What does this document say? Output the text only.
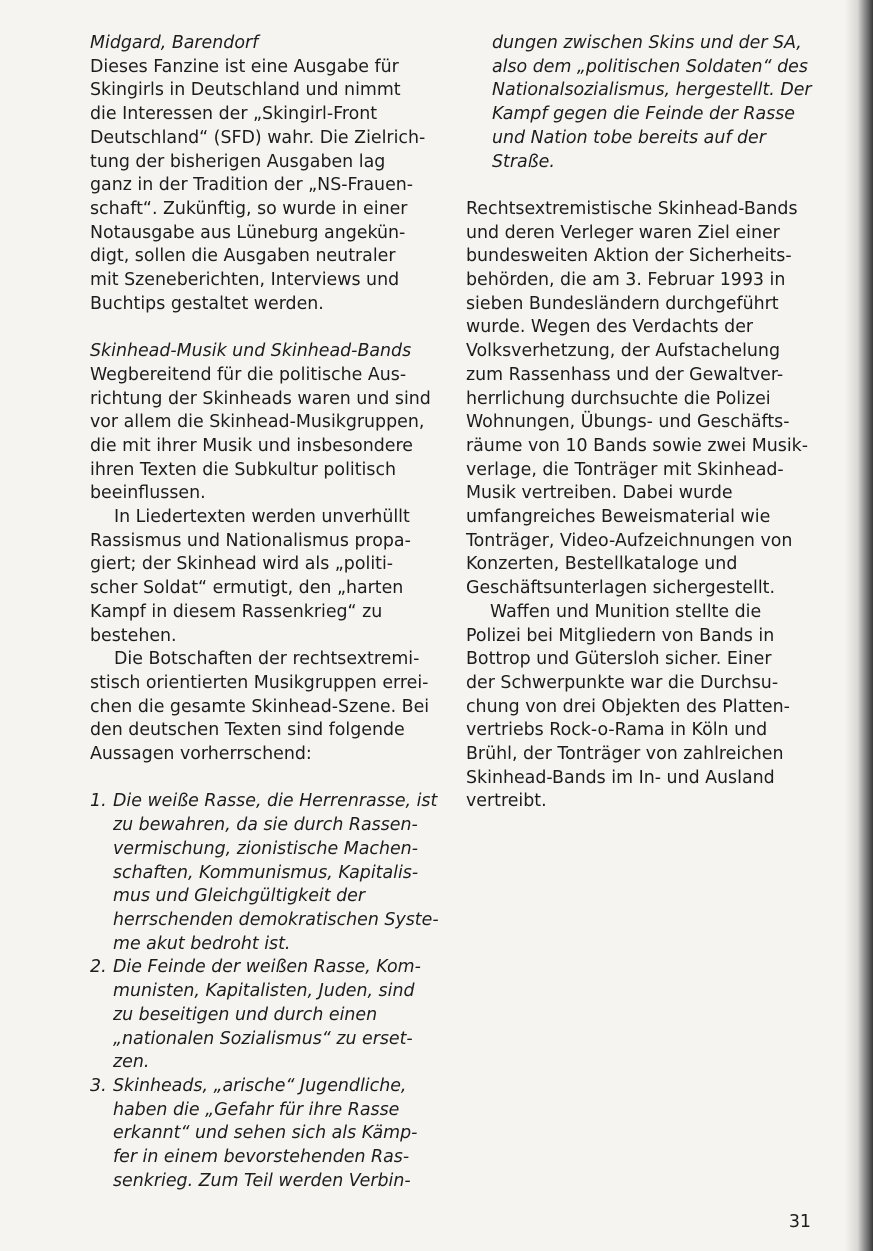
Midgard, Barendorf
Dieses Fanzine ist eine Ausgabe für
Skingirls in Deutschland und nimmt
die Interessen der „Skingirl-Front
Deutschland“ (SFD) wahr. Die Zielrich-
tung der bisherigen Ausgaben lag
ganz in der Tradition der „NS-Frauen-
schaft“. Zukünftig, so wurde in einer
Notausgabe aus Lüneburg angekün-
digt, sollen die Ausgaben neutraler
mit Szeneberichten, Interviews und
Buchtips gestaltet werden.
Skinhead-Musik und Skinhead-Bands
Wegbereitend für die politische Aus-
richtung der Skinheads waren und sind
vor allem die Skinhead-Musikgruppen,
die mit ihrer Musik und insbesondere
ihren Texten die Subkultur politisch
beeinflussen.
In Liedertexten werden unverhüllt
Rassismus und Nationalismus propa-
giert; der Skinhead wird als „politi-
scher Soldat“ ermutigt, den „harten
Kampf in diesem Rassenkrieg“ zu
bestehen.
Die Botschaften der rechtsextremi-
stisch orientierten Musikgruppen errei-
chen die gesamte Skinhead-Szene. Bei
den deutschen Texten sind folgende
Aussagen vorherrschend:
1. Die weiße Rasse, die Herrenrasse, ist
zu bewahren, da sie durch Rassen-
vermischung, zionistische Machen-
schaften, Kommunismus, Kapitalis-
mus und Gleichgültigkeit der
herrschenden demokratischen Syste-
me akut bedroht ist.
2. Die Feinde der weißen Rasse, Kom-
munisten, Kapitalisten, Juden, sind
zu beseitigen und durch einen
„nationalen Sozialismus“ zu erset-
zen.
3. Skinheads, „arische“ Jugendliche,
haben die „Gefahr für ihre Rasse
erkannt“ und sehen sich als Kämp-
fer in einem bevorstehenden Ras-
senkrieg. Zum Teil werden Verbin-
dungen zwischen Skins und der SA,
also dem „politischen Soldaten“ des
Nationalsozialismus, hergestellt. Der
Kampf gegen die Feinde der Rasse
und Nation tobe bereits auf der
Straße.
Rechtsextremistische Skinhead-Bands
und deren Verleger waren Ziel einer
bundesweiten Aktion der Sicherheits-
behörden, die am 3. Februar 1993 in
sieben Bundesländern durchgeführt
wurde. Wegen des Verdachts der
Volksverhetzung, der Aufstachelung
zum Rassenhass und der Gewaltver-
herrlichung durchsuchte die Polizei
Wohnungen, Übungs- und Geschäfts-
räume von 10 Bands sowie zwei Musik-
verlage, die Tonträger mit Skinhead-
Musik vertreiben. Dabei wurde
umfangreiches Beweismaterial wie
Tonträger, Video-Aufzeichnungen von
Konzerten, Bestellkataloge und
Geschäftsunterlagen sichergestellt.
Waffen und Munition stellte die
Polizei bei Mitgliedern von Bands in
Bottrop und Gütersloh sicher. Einer
der Schwerpunkte war die Durchsu-
chung von drei Objekten des Platten-
vertriebs Rock-o-Rama in Köln und
Brühl, der Tonträger von zahlreichen
Skinhead-Bands im In- und Ausland
vertreibt.
31
